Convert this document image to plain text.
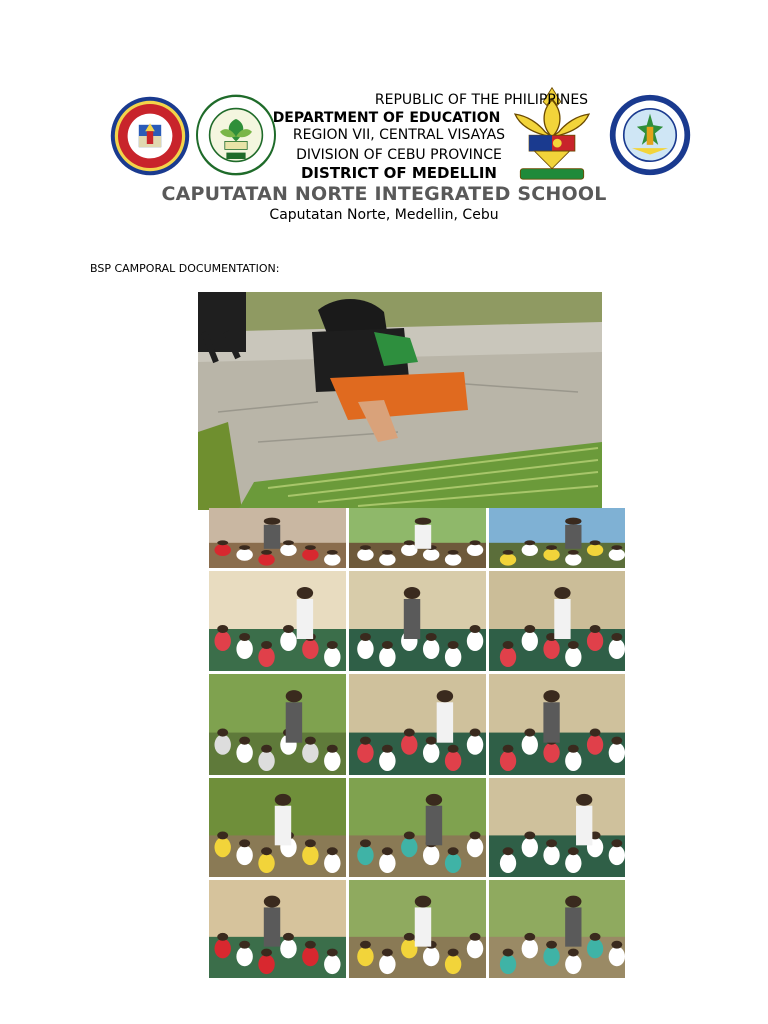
REPUBLIC OF THE PHILIPPINES
DEPARTMENT OF EDUCATION
REGION VII, CENTRAL VISAYAS
DIVISION OF CEBU PROVINCE
DISTRICT OF MEDELLIN
CAPUTATAN NORTE INTEGRATED SCHOOL
Caputatan Norte, Medellin, Cebu
BSP CAMPORAL DOCUMENTATION:
